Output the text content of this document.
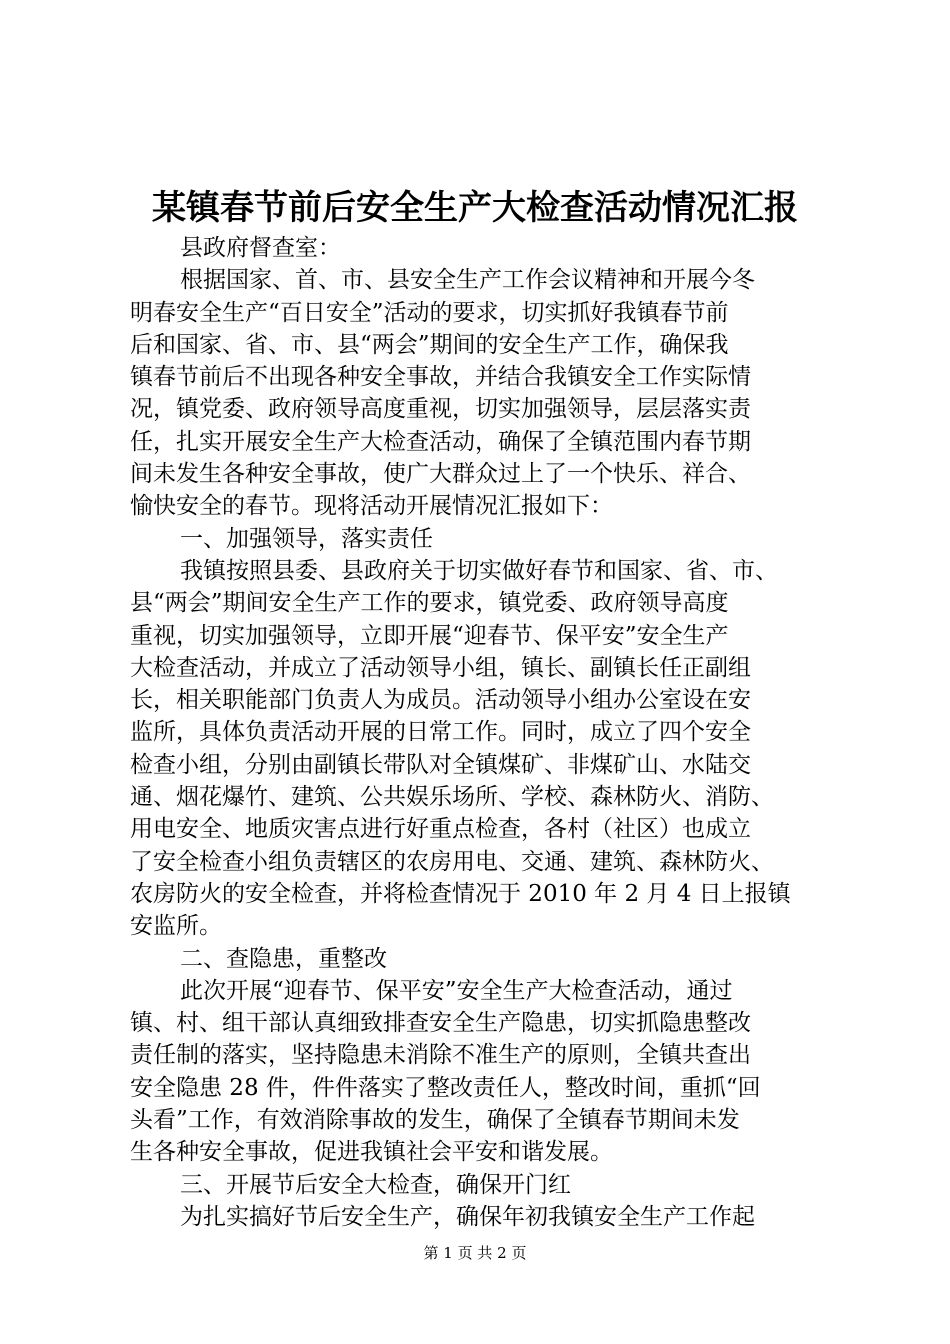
某镇春节前后安全生产大检查活动情况汇报
县政府督查室：
根据国家、首、市、县安全生产工作会议精神和开展今冬
明春安全生产“百日安全”活动的要求，切实抓好我镇春节前
后和国家、省、市、县“两会”期间的安全生产工作，确保我
镇春节前后不出现各种安全事故，并结合我镇安全工作实际情
况，镇党委、政府领导高度重视，切实加强领导，层层落实责
任，扎实开展安全生产大检查活动，确保了全镇范围内春节期
间未发生各种安全事故，使广大群众过上了一个快乐、祥合、
愉快安全的春节。现将活动开展情况汇报如下：
一、加强领导，落实责任
我镇按照县委、县政府关于切实做好春节和国家、省、市、
县“两会”期间安全生产工作的要求，镇党委、政府领导高度
重视，切实加强领导，立即开展“迎春节、保平安”安全生产
大检查活动，并成立了活动领导小组，镇长、副镇长任正副组
长，相关职能部门负责人为成员。活动领导小组办公室设在安
监所，具体负责活动开展的日常工作。同时，成立了四个安全
检查小组，分别由副镇长带队对全镇煤矿、非煤矿山、水陆交
通、烟花爆竹、建筑、公共娱乐场所、学校、森林防火、消防、
用电安全、地质灾害点进行好重点检查，各村（社区）也成立
了安全检查小组负责辖区的农房用电、交通、建筑、森林防火、
农房防火的安全检查，并将检查情况于 2010 年 2 月 4 日上报镇
安监所。
二、查隐患，重整改
此次开展“迎春节、保平安”安全生产大检查活动，通过
镇、村、组干部认真细致排查安全生产隐患，切实抓隐患整改
责任制的落实，坚持隐患未消除不准生产的原则，全镇共查出
安全隐患 28 件，件件落实了整改责任人，整改时间，重抓“回
头看”工作，有效消除事故的发生，确保了全镇春节期间未发
生各种安全事故，促进我镇社会平安和谐发展。
三、开展节后安全大检查，确保开门红
为扎实搞好节后安全生产，确保年初我镇安全生产工作起
第 1 页 共 2 页
